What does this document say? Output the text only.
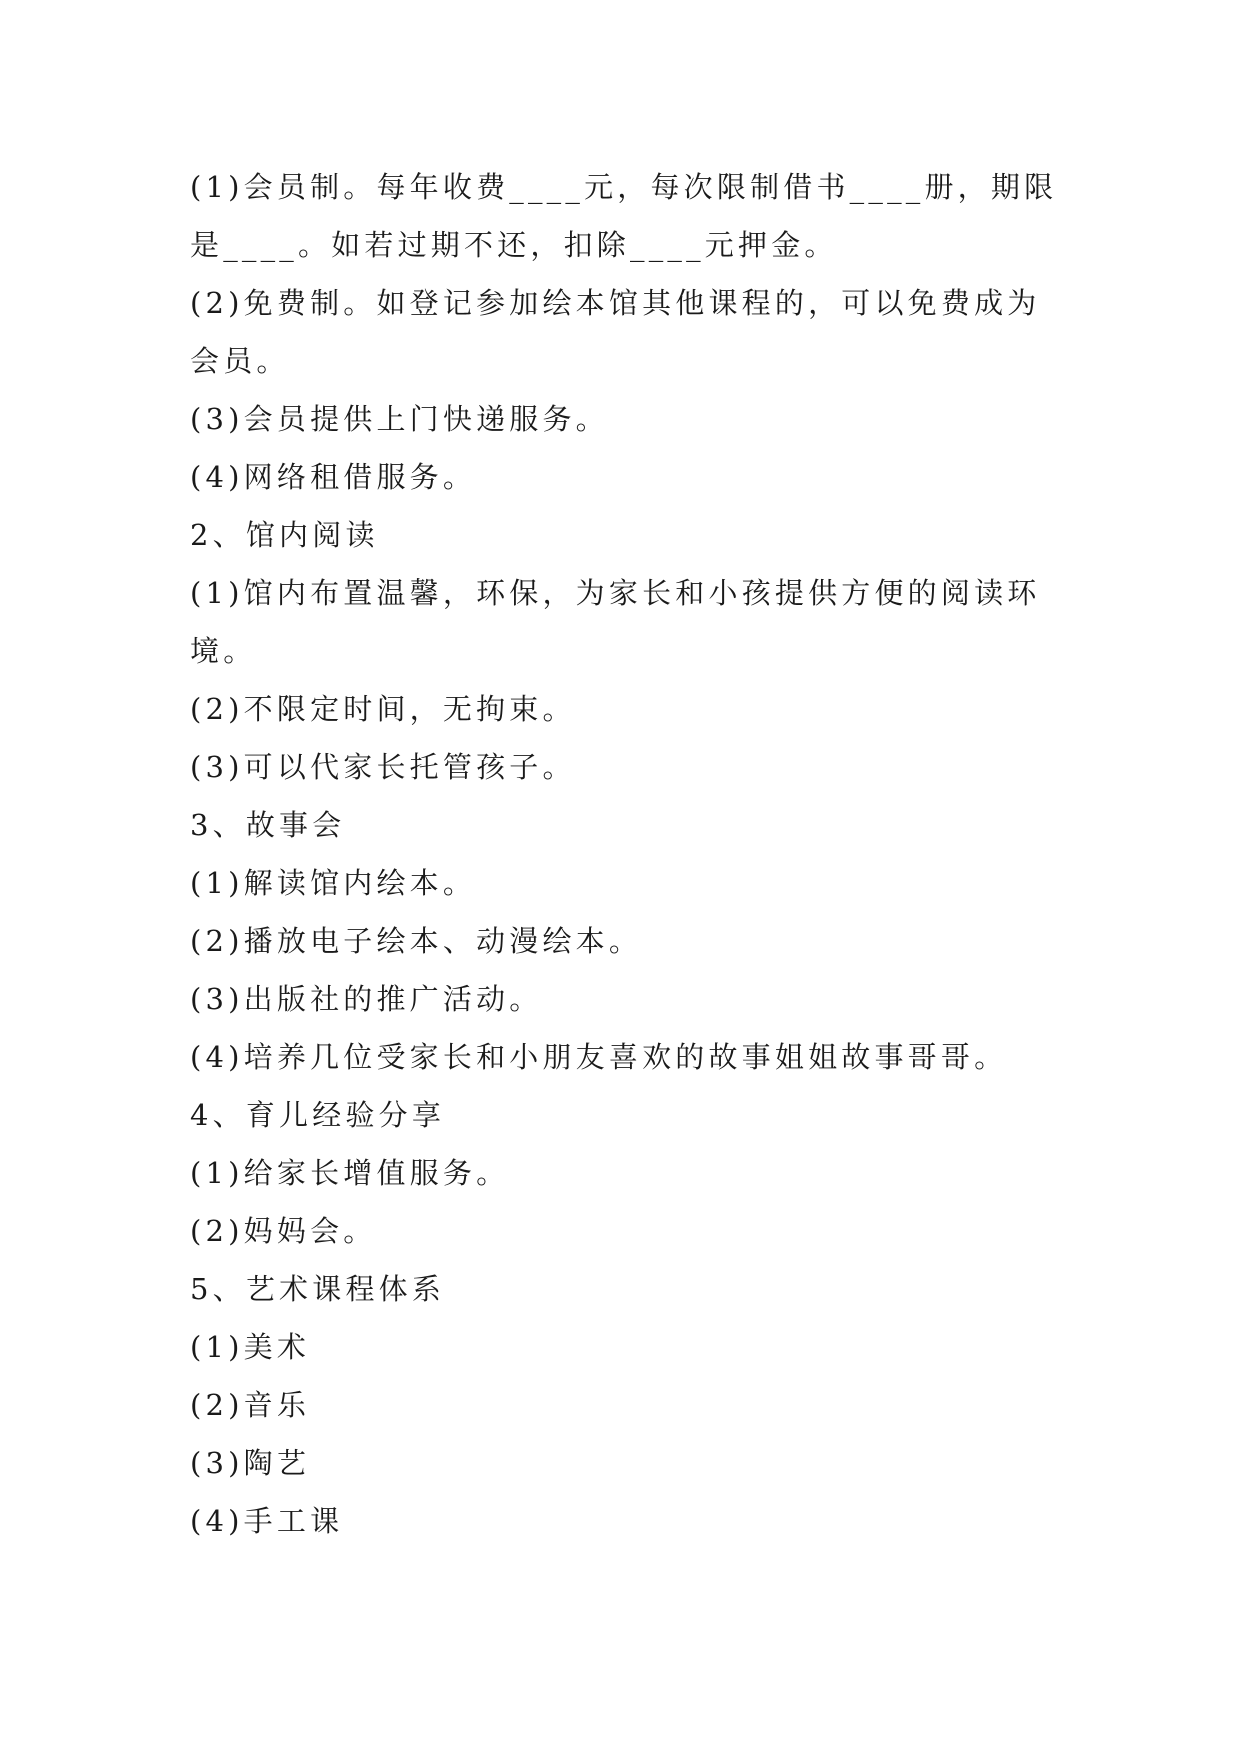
(1)会员制。每年收费____元，每次限制借书____册，期限
是____。如若过期不还，扣除____元押金。
(2)免费制。如登记参加绘本馆其他课程的，可以免费成为
会员。
(3)会员提供上门快递服务。
(4)网络租借服务。
2、馆内阅读
(1)馆内布置温馨，环保，为家长和小孩提供方便的阅读环
境。
(2)不限定时间，无拘束。
(3)可以代家长托管孩子。
3、故事会
(1)解读馆内绘本。
(2)播放电子绘本、动漫绘本。
(3)出版社的推广活动。
(4)培养几位受家长和小朋友喜欢的故事姐姐故事哥哥。
4、育儿经验分享
(1)给家长增值服务。
(2)妈妈会。
5、艺术课程体系
(1)美术
(2)音乐
(3)陶艺
(4)手工课
